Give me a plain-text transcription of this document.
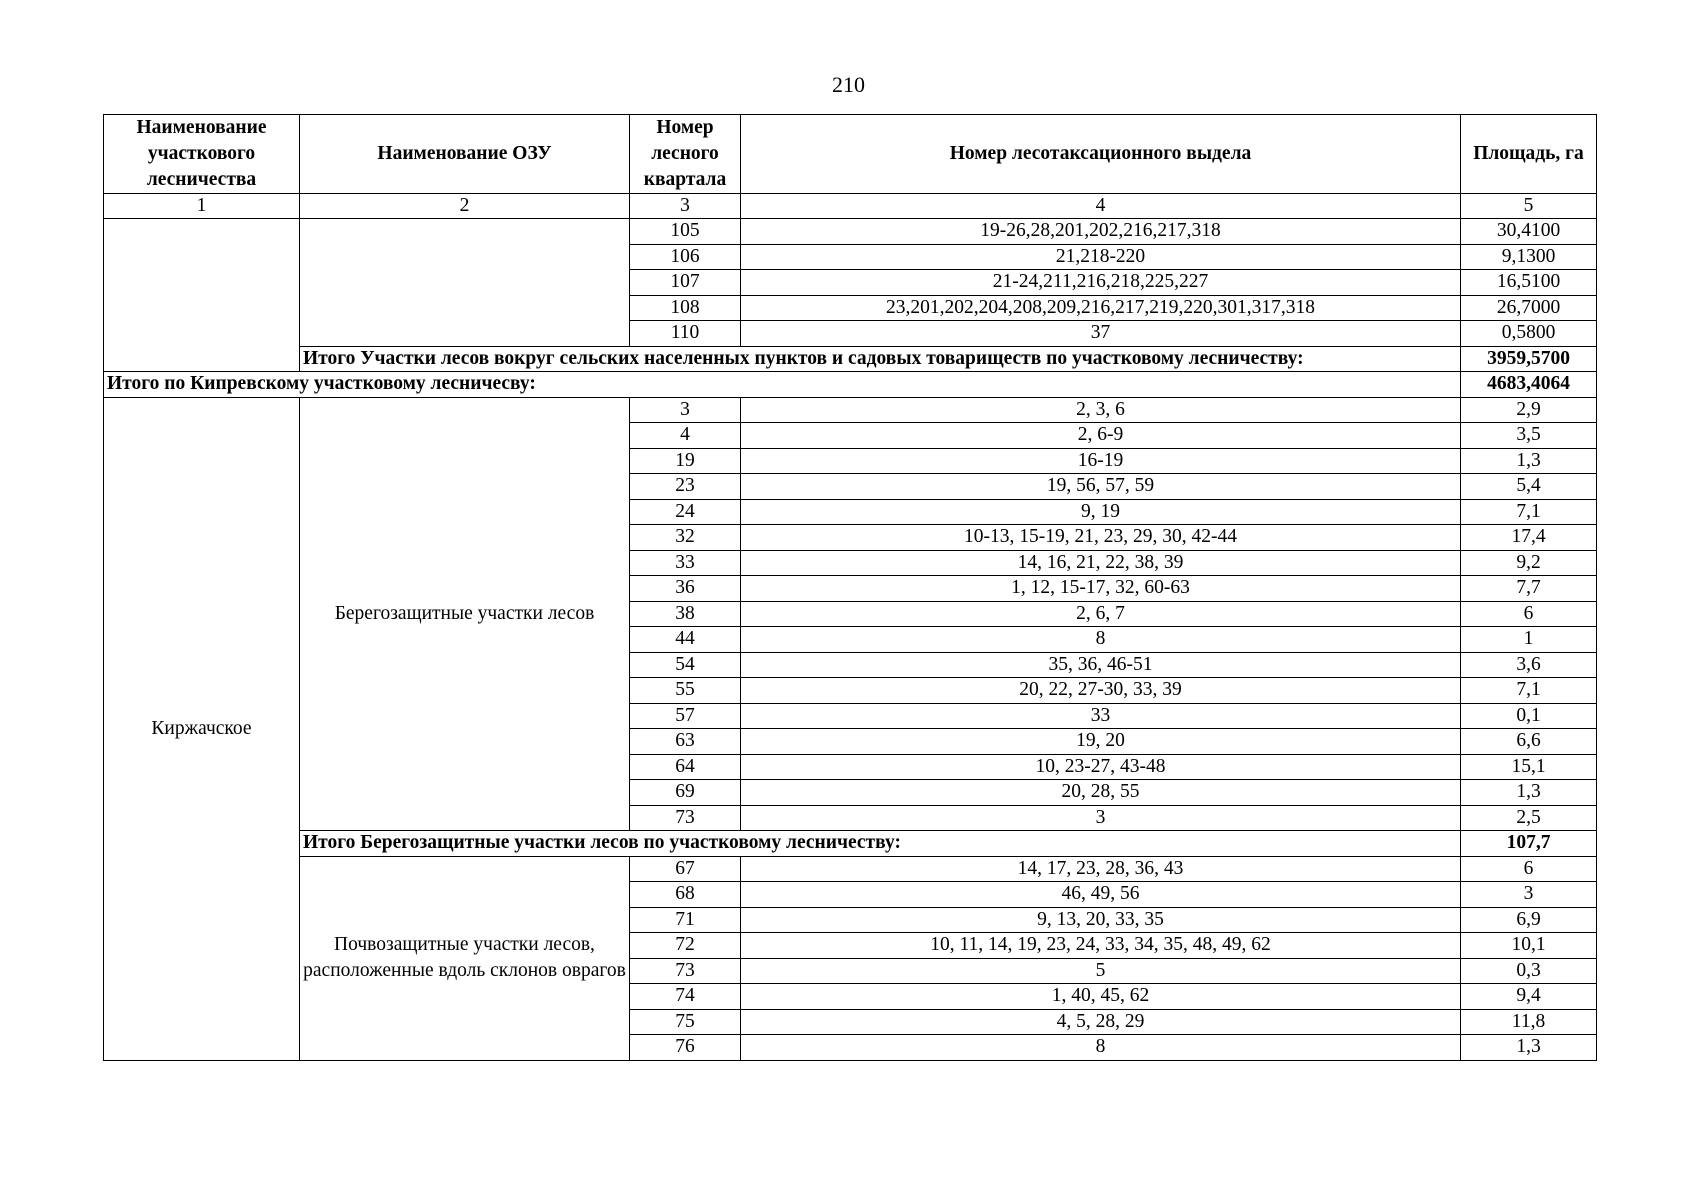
210
Наименование участкового лесничества	Наименование ОЗУ	Номер лесного квартала	Номер лесотаксационного выдела	Площадь, га
1	2	3	4	5
		105	19-26,28,201,202,216,217,318	30,4100
		106	21,218-220	9,1300
		107	21-24,211,216,218,225,227	16,5100
		108	23,201,202,204,208,209,216,217,219,220,301,317,318	26,7000
		110	37	0,5800
	Итого Участки лесов вокруг сельских населенных пунктов и садовых товариществ по участковому лесничеству:			3959,5700
Итого по Кипревскому участковому лесничесву:				4683,4064
Киржачское	Берегозащитные участки лесов	3	2, 3, 6	2,9
		4	2, 6-9	3,5
		19	16-19	1,3
		23	19, 56, 57, 59	5,4
		24	9, 19	7,1
		32	10-13, 15-19, 21, 23, 29, 30, 42-44	17,4
		33	14, 16, 21, 22, 38, 39	9,2
		36	1, 12, 15-17, 32, 60-63	7,7
		38	2, 6, 7	6
		44	8	1
		54	35, 36, 46-51	3,6
		55	20, 22, 27-30, 33, 39	7,1
		57	33	0,1
		63	19, 20	6,6
		64	10, 23-27, 43-48	15,1
		69	20, 28, 55	1,3
		73	3	2,5
	Итого Берегозащитные участки лесов по участковому лесничеству:			107,7
	Почвозащитные участки лесов, расположенные вдоль склонов оврагов	67	14, 17, 23, 28, 36, 43	6
		68	46, 49, 56	3
		71	9, 13, 20, 33, 35	6,9
		72	10, 11, 14, 19, 23, 24, 33, 34, 35, 48, 49, 62	10,1
		73	5	0,3
		74	1, 40, 45, 62	9,4
		75	4, 5, 28, 29	11,8
		76	8	1,3
